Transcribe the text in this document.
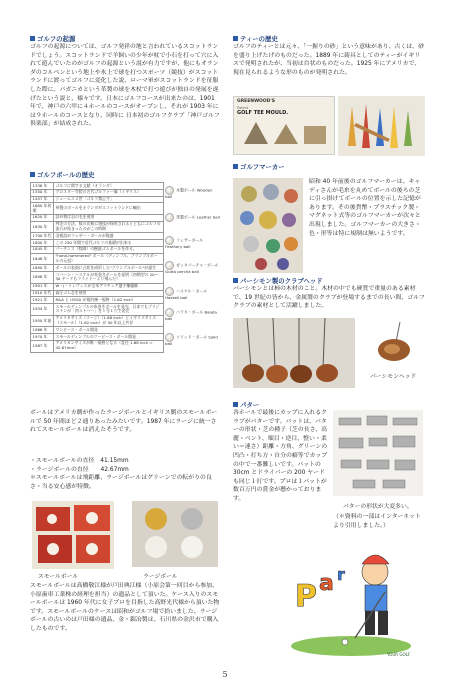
ゴルフの起源

ゴルフの起源については、ゴルフ発祥の地と言われているスコットランドでしょう。スコットランドで羊飼いの少年が杖で小石を打って穴に入れて遊んでいたのがゴルフの起源という説が有力ですが、他にもオランダのコルベンという地上や氷上で球を打つスポーツ（競技）がスコットランドに渡ってゴルフに変化した説、ローマ軍がスコットランドを征服した際に、パガニカという革製の球を木杖で打つ遊びが独自の発展を遂げたという説と、様々です。日本にゴルフコースが出来たのは、1901 年で、神戸の六甲に４ホールのコースがオープンし、それが 1903 年には９ホールのコースとなり、同時に 日本初のゴルフクラブ「神戸ゴルフ倶楽部」が結成された。

ゴルフボールの歴史
1338 年	ゴルフに関する文献（オランダ）	木製ボール Wooden ball
1350 年	グロスター寺院の古代ゴルファー像（イギリス）	
1457 年	ジェームス２世「ゴルフ禁止令」	
1600 年初期	革製のボールをオランダがスコットランドに輸出	革製ボール Leather ball
1620 年	詰め物は羽の毛を使用	
1630 年	判定の方法、数の比較に遊技が採用されるとともにゴルフの流行が始まったのがこの時期	
1700 年代	羽根詰めフェザー・ボールが隆盛	フェザーボール Feathery ball
1800 年	この 250 年間で近代ゴルフの基礎が出来る	
1845 年	パーチンス（牧師）の樹液ゴムボールを作る。	
1848 年	"hand-hammered" ボール（ディンプル、ブランブルボールの元祖）	ガッタパーチャ・ボール Gutta percha ball
1890 年	ボールの表面に凸状を成形した"ブランブルボール"が誕生	
1898 年	コバーン・ハスケルが糸巻きボールを発明（初期型の 20〜30 ヤードもフライトーより飛んだ）	
1901 年	W・J・トレヴィスが全米アマチュア選手権優勝	ハスケル・ボール Haskell ball
1910 年代	高圧ゴム芯を使用	
1921 年	R&A と USGA が規約統一規格（1.62 inch）	
1934 年	スモールディンプルの糸巻きボールを発売、日本でもブリジストンが「初ストバー」を１号１穴で発売	バラタ・ボール Balata ball
1950 年前	アメリカサイズ（ラージ）（1.68 inch）とイギリスサイズ（スモール）（1.62 inch）が 50 年以上共存	
1966 年	ワンピース・ボール開発	ソリッド・ボール Solid ball
1970 年	スモールディンプルのツーピース・ボール開発	
1987 年	アメリカンサイズが唯一規格となる（直径 1.68 inch = 42.67mm）	

ボールはアメリカ側が作ったラージボールとイギリス側のスモールボールで 50 年間ほど２通りあったみたいです。1987 年にラージに統一されてスモールボールは消えたそうです。

・スモールボールの直径　41.15mm

・ラージボールの直径　　42.67mm

＊スモールボールは飛距離、ラージボールはグリーンでの転がりの良さ・当る安心感が特徴。

スモールボール	ラージボール

スモールボールは高橋敬江様が戸田典江様（小原会第一回目から参加、小原歯車工業株の経理を担当）の遺品として頂いた。ケース入りのスモールボールは 1960 年代に女子プロを目指した高野光代様から頂いた物です。スモールボールのケースは昭和がゴルフ場で拾いました。ラージボールの古いのは戸田様の遺品、金・銀冶製は、石川県の金沢市で購入したものです。

ティーの歴史

ゴルフのティーとは元々、「一握りの砂」という意味があり、古くは、砂を盛り上げたげのものだった。1889 年に鋳具としてのティーがイギリスで発明されたが、当初は台状のものだった。1925 年にアメリカで、現在見られるような形のものが発明された。

GREENWOOD'S
Patent
GOLF TEE MOULD.
ゴルフマーカー

昭和 40 年前後のゴルフマーカーは、キャディさんが毛糸を丸めてボールの後ろの芝に引っ掛けてボールの位置を示した記憶があります。その後貨幣・プラスチック製・マグネット式等のゴルフマーカーが次々と出現しました。ゴルフマーカーの大きさ・色・形等は特に規制は無いようです。

パーシモン製のクラブヘッド

パーシモンとは柿の木材のこと。木材の中でも硬質で重量のある素材で、19 世紀の皆から、金属製のクラブが登場するまでの長い間、ゴルフクラブの素材として活躍しました。

パーシモンヘッド
パター

各ホールで最後にカップに入れるクラブがパターです。パットは、パターの形状・芝の種子（芝の長さ、高麗・ベント、順目・逆目、整い・柔い＝速さ）距離・方角、グリーンの凹凸・打ち方・自分の癖等でカップの中で一番難しいです。パットの 30cm とドライバーの 200 ヤードも同じ１打です。プロは１パットが数百万円の賞金が懸かっております。

パターの形状が大変多い。

（＊資料の一部はインターネットより引用しました。）

P a r
YOUR GOLF
5
